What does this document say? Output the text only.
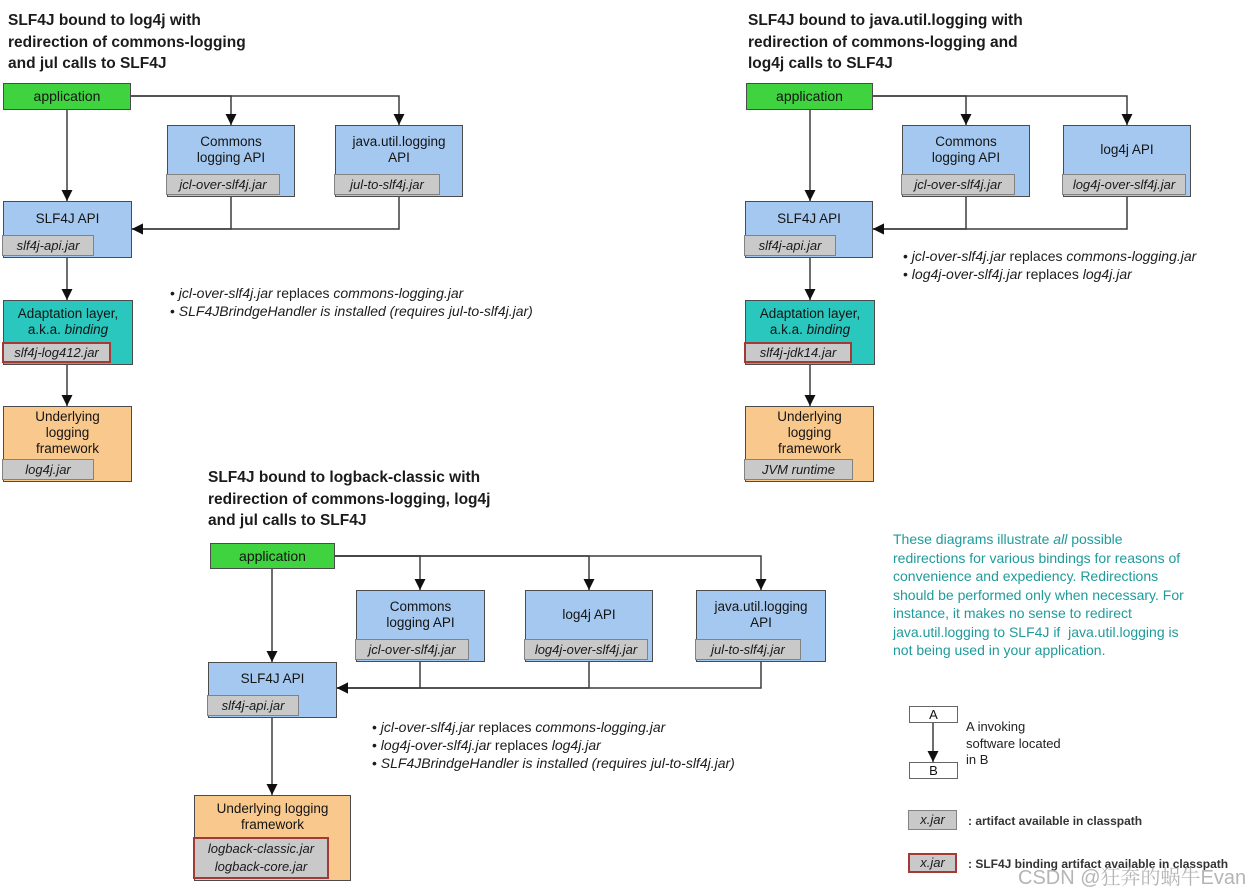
SLF4J bound to log4j with
redirection of commons-logging
and jul calls to SLF4J
application
Commons
logging API
jcl-over-slf4j.jar
java.util.logging
API
jul-to-slf4j.jar
SLF4J API
slf4j-api.jar
Adaptation layer,
a.k.a. binding
slf4j-log412.jar
Underlying
logging
framework
log4j.jar
• jcl-over-slf4j.jar replaces commons-logging.jar
• SLF4JBrindgeHandler is installed (requires jul-to-slf4j.jar)
SLF4J bound to java.util.logging with
redirection of commons-logging and
log4j calls to SLF4J
application
Commons
logging API
jcl-over-slf4j.jar
log4j API
log4j-over-slf4j.jar
SLF4J API
slf4j-api.jar
Adaptation layer,
a.k.a. binding
slf4j-jdk14.jar
Underlying
logging
framework
JVM runtime
• jcl-over-slf4j.jar replaces commons-logging.jar
• log4j-over-slf4j.jar replaces log4j.jar
SLF4J bound to logback-classic with
redirection of commons-logging, log4j
and jul calls to SLF4J
application
Commons
logging API
jcl-over-slf4j.jar
log4j API
log4j-over-slf4j.jar
java.util.logging
API
jul-to-slf4j.jar
SLF4J API
slf4j-api.jar
Underlying logging
framework
logback-classic.jar
logback-core.jar
• jcl-over-slf4j.jar replaces commons-logging.jar
• log4j-over-slf4j.jar replaces log4j.jar
• SLF4JBrindgeHandler is installed (requires jul-to-slf4j.jar)
These diagrams illustrate all possible
redirections for various bindings for reasons of
convenience and expediency. Redirections
should be performed only when necessary. For
instance, it makes no sense to redirect
java.util.logging to SLF4J if  java.util.logging is
not being used in your application.
A
B
A invoking
software located
in B
x.jar : artifact available in classpath
x.jar : SLF4J binding artifact available in classpath
CSDN @狂奔的蜗牛Evan
